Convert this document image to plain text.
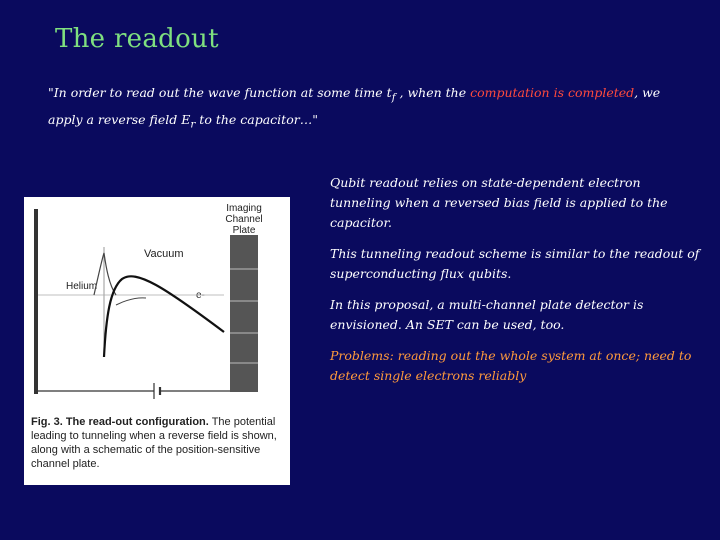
The readout
"In order to read out the wave function at some time $t_f$ , when the computation is completed, we apply a reverse field $E_r$ to the capacitor…"

Qubit readout relies on state-dependent electron tunneling when a reversed bias field is applied to the capacitor.

This tunneling readout scheme is similar to the readout of superconducting flux qubits.

In this proposal, a multi-channel plate detector is envisioned. An SET can be used, too.

Problems: reading out the whole system at once; need to detect single electrons reliably

Imaging
Channel
Plate
Vacuum
Helium
e-
Fig. 3. The read-out configuration. The potential leading to tunneling when a reverse field is shown, along with a schematic of the position-sensitive channel plate.
